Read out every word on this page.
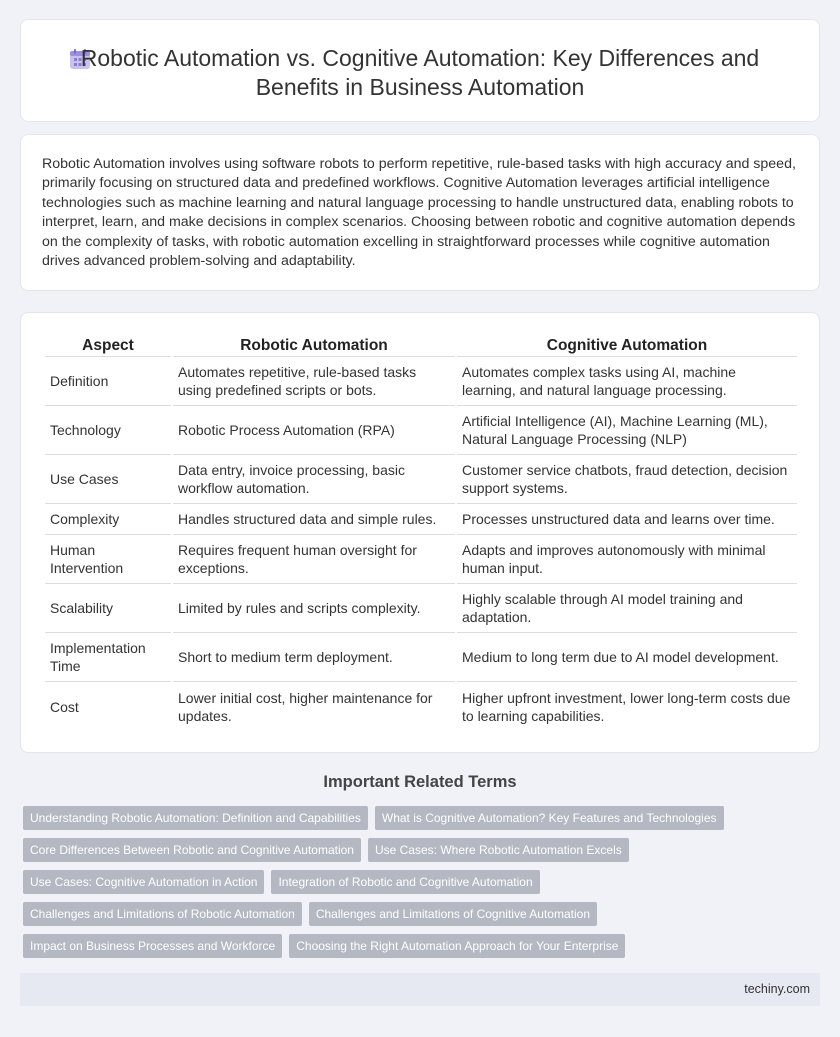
Robotic Automation vs. Cognitive Automation: Key Differences and Benefits in Business Automation

Robotic Automation involves using software robots to perform repetitive, rule-based tasks with high accuracy and speed, primarily focusing on structured data and predefined workflows. Cognitive Automation leverages artificial intelligence technologies such as machine learning and natural language processing to handle unstructured data, enabling robots to interpret, learn, and make decisions in complex scenarios. Choosing between robotic and cognitive automation depends on the complexity of tasks, with robotic automation excelling in straightforward processes while cognitive automation drives advanced problem-solving and adaptability.

Aspect	Robotic Automation	Cognitive Automation
Definition	Automates repetitive, rule-based tasks using predefined scripts or bots.	Automates complex tasks using AI, machine learning, and natural language processing.
Technology	Robotic Process Automation (RPA)	Artificial Intelligence (AI), Machine Learning (ML), Natural Language Processing (NLP)
Use Cases	Data entry, invoice processing, basic workflow automation.	Customer service chatbots, fraud detection, decision support systems.
Complexity	Handles structured data and simple rules.	Processes unstructured data and learns over time.
Human Intervention	Requires frequent human oversight for exceptions.	Adapts and improves autonomously with minimal human input.
Scalability	Limited by rules and scripts complexity.	Highly scalable through AI model training and adaptation.
Implementation Time	Short to medium term deployment.	Medium to long term due to AI model development.
Cost	Lower initial cost, higher maintenance for updates.	Higher upfront investment, lower long-term costs due to learning capabilities.
Important Related Terms
Understanding Robotic Automation: Definition and Capabilities	What is Cognitive Automation? Key Features and Technologies
Core Differences Between Robotic and Cognitive Automation	Use Cases: Where Robotic Automation Excels
Use Cases: Cognitive Automation in Action	Integration of Robotic and Cognitive Automation
Challenges and Limitations of Robotic Automation	Challenges and Limitations of Cognitive Automation
Impact on Business Processes and Workforce	Choosing the Right Automation Approach for Your Enterprise
techiny.com
